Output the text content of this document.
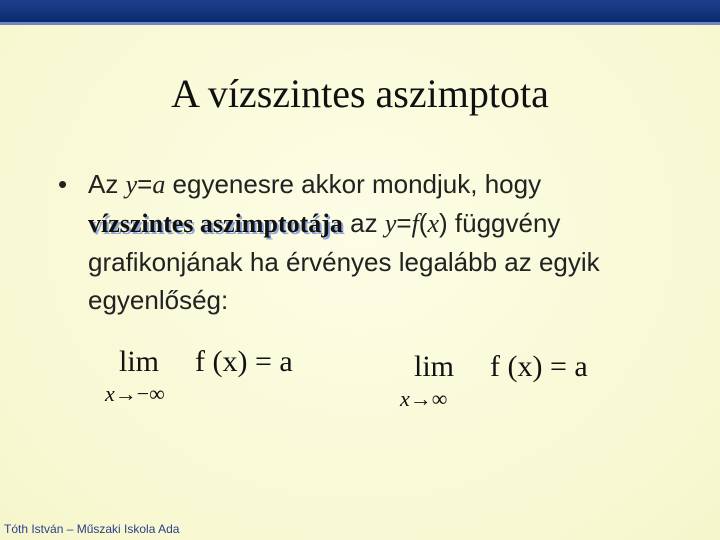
A vízszintes aszimptota
• Az y=a egyenesre akkor mondjuk, hogy
vízszintes aszimptotája az y=f(x) függvény grafikonjának ha érvényes legalább az egyik egyenlőség:
lim
x→−∞
f (x) = a	lim
x→∞
f (x) = a
Tóth István – Műszaki Iskola Ada
